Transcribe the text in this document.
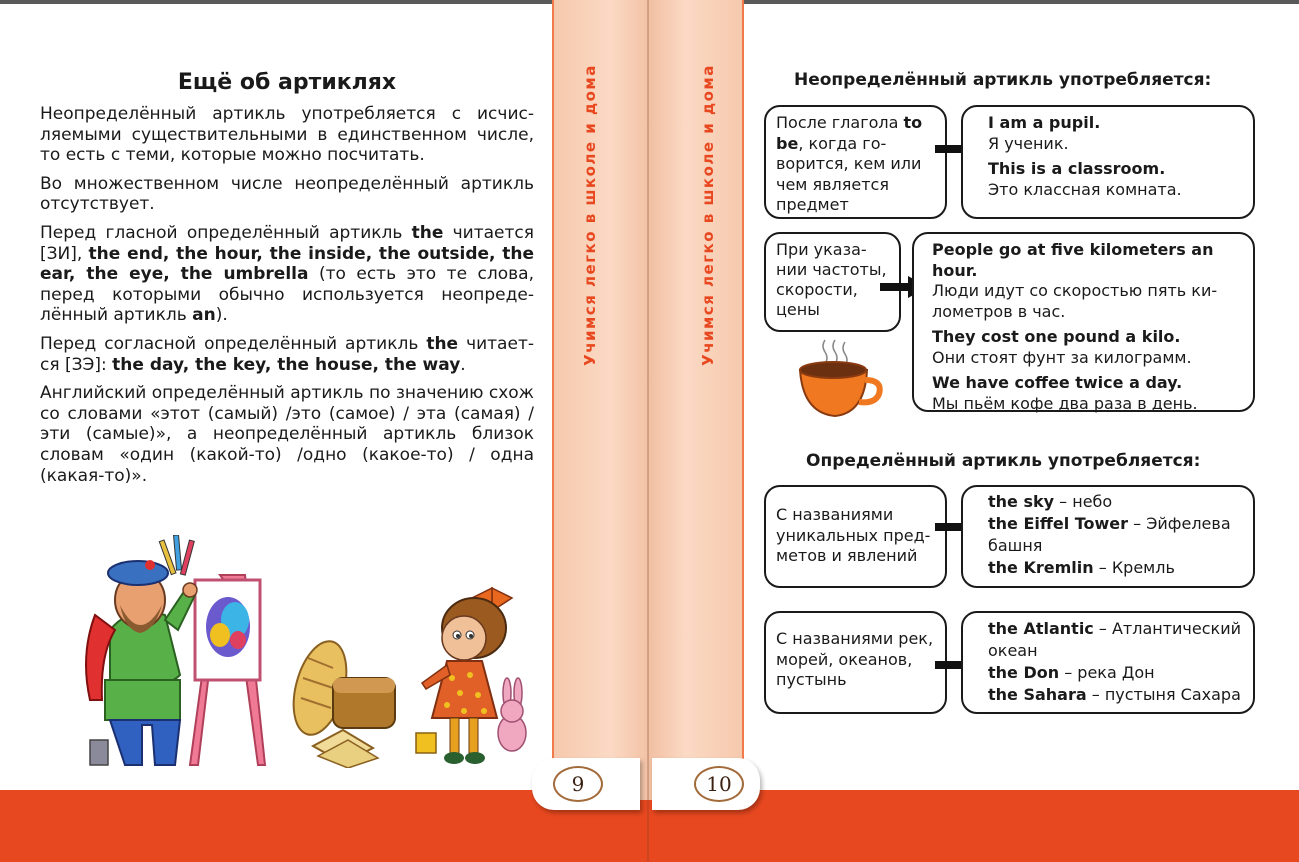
Ещё об артиклях

Неопределённый артикль употребляется с исчисляемыми существительными в единственном числе, то есть с теми, которые можно посчитать.

Во множественном числе неопределённый артикль отсутствует.

Перед гласной определённый артикль the читается [ЗИ], the end, the hour, the inside, the outside, the ear, the eye, the umbrella (то есть это те слова, перед которыми обычно используется неопределённый артикль an).

Перед согласной определённый артикль the читается [ЗЭ]: the day, the key, the house, the way.

Английский определённый артикль по значению схож со словами «этот (самый) /это (самое) / эта (самая) / эти (самые)», а неопределённый артикль близок словам «один (какой-то) /одно (какое-то) / одна (какая-то)».

Учимся легко в школе и дома	Учимся легко в школе и дома
9	10
Неопределённый артикль употребляется:
После глагола to be, когда говорится, кем или чем является предмет
I am a pupil.
Я ученик.
This is a classroom.
Это классная комната.
При указании частоты, скорости, цены
People go at five kilometers an hour.
Люди идут со скоростью пять километров в час.
They cost one pound a kilo.
Они стоят фунт за килограмм.
We have coffee twice a day.
Мы пьём кофе два раза в день.
Определённый артикль употребляется:
С названиями уникальных предметов и явлений
the sky – небо
the Eiffel Tower – Эйфелева башня
the Kremlin – Кремль
С названиями рек, морей, океанов, пустынь
the Atlantic – Атлантический океан
the Don – река Дон
the Sahara – пустыня Сахара
